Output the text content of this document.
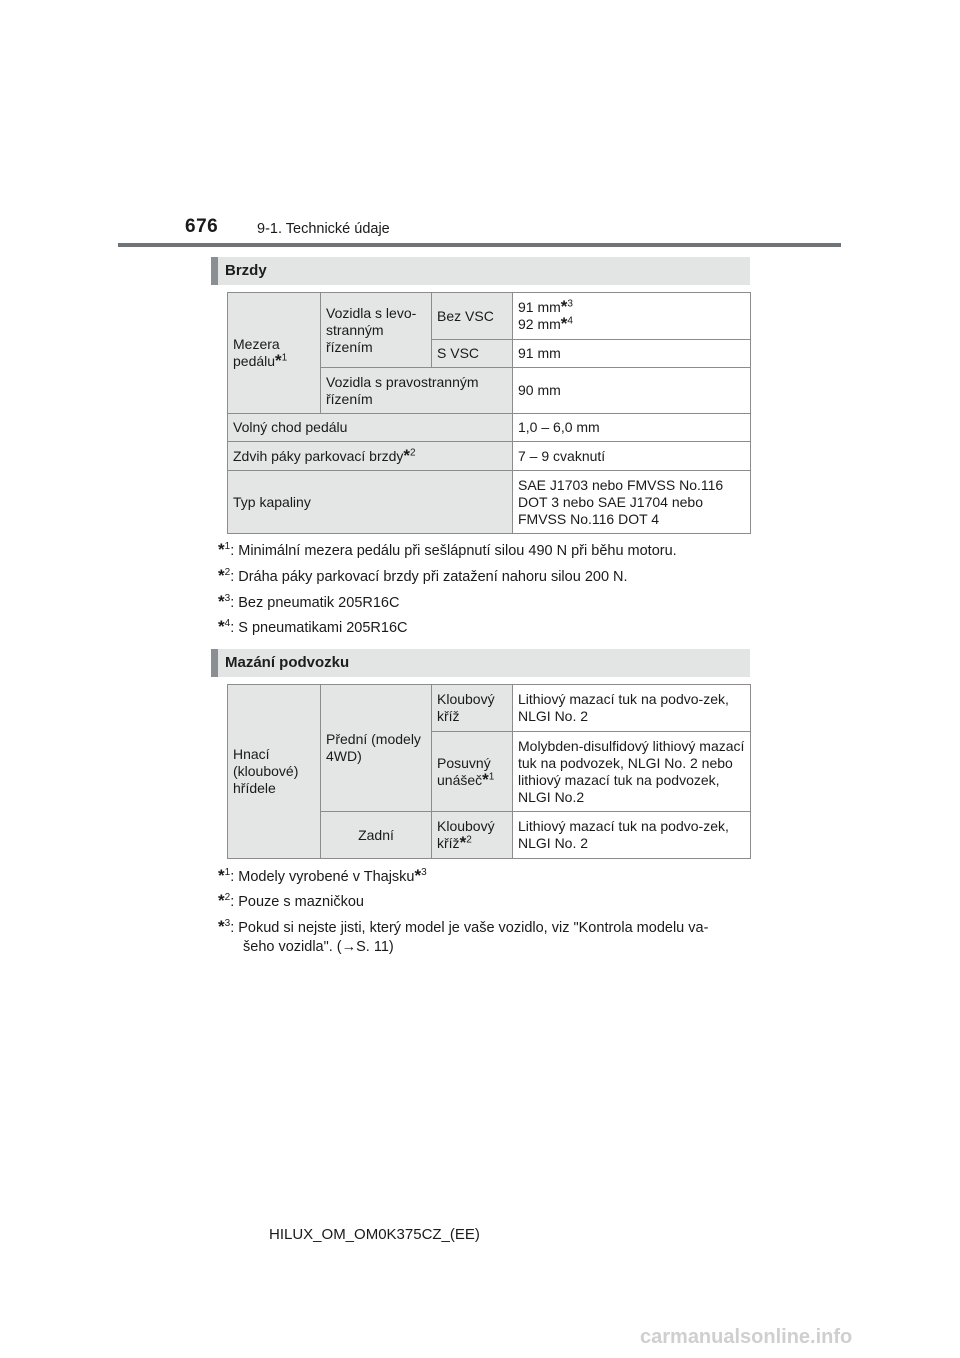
676	9-1. Technické údaje
Brzdy
Mezera pedálu*$^1$	Vozidla s levo-stranným řízením	Bez VSC	91 mm*$^3$
92 mm*$^4$
		S VSC	91 mm
	Vozidla s pravostranným řízením		90 mm
Volný chod pedálu			1,0 – 6,0 mm
Zdvih páky parkovací brzdy*$^2$			7 – 9 cvaknutí
Typ kapaliny			SAE J1703 nebo FMVSS No.116 DOT 3 nebo SAE J1704 nebo FMVSS No.116 DOT 4
*$^1$: Minimální mezera pedálu při sešlápnutí silou 490 N při běhu motoru.
*$^2$: Dráha páky parkovací brzdy při zatažení nahoru silou 200 N.
*$^3$: Bez pneumatik 205R16C
*$^4$: S pneumatikami 205R16C
Mazání podvozku
Hnací (kloubové) hřídele	Přední (modely 4WD)	Kloubový kříž	Lithiový mazací tuk na podvo-zek, NLGI No. 2
		Posuvný unášeč*$^1$	Molybden-disulfidový lithiový mazací tuk na podvozek, NLGI No. 2 nebo lithiový mazací tuk na podvozek, NLGI No.2
	Zadní	Kloubový kříž*$^2$	Lithiový mazací tuk na podvo-zek, NLGI No. 2
*$^1$: Modely vyrobené v Thajsku*$^3$
*$^2$: Pouze s mazničkou
*$^3$: Pokud si nejste jisti, který model je vaše vozidlo, viz "Kontrola modelu va-
šeho vozidla". (→S. 11)
HILUX_OM_OM0K375CZ_(EE)
carmanualsonline.info
